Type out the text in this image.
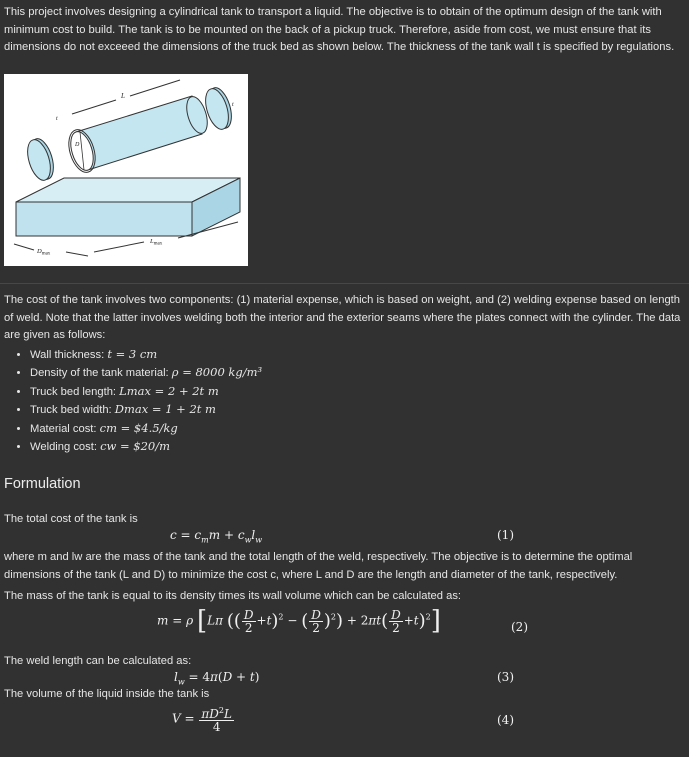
This project involves designing a cylindrical tank to transport a liquid. The objective is to obtain of the optimum design of the tank with minimum cost to build. The tank is to be mounted on the back of a pickup truck. Therefore, aside from cost, we must ensure that its dimensions do not exceeed the dimensions of the truck bed as shown below. The thickness of the tank wall t is specified by regulations.
L
t
t
D
$D_{max}$
$L_{max}$
The cost of the tank involves two components: (1) material expense, which is based on weight, and (2) welding expense based on length of weld. Note that the latter involves welding both the interior and the exterior seams where the plates connect with the cylinder. The data are given as follows:
• Wall thickness: t = 3 cm
• Density of the tank material: ρ = 8000 kg/m³
• Truck bed length: Lmax = 2 + 2t m
• Truck bed width: Dmax = 1 + 2t m
• Material cost: cm = $4.5/kg
• Welding cost: cw = $20/m
Formulation
The total cost of the tank is
$c = c_mm + c_wl_w$	(1)
where m and lw are the mass of the tank and the total length of the weld, respectively. The objective is to determine the optimal dimensions of the tank (L and D) to minimize the cost c, where L and D are the length and diameter of the tank, respectively.
The mass of the tank is equal to its density times its wall volume which can be calculated as:
m = ρ [Lπ (( $\frac{D}{2} +t)^2$ − ( $\frac{D}{2} )^2) + 2\pi t( \frac{D}{2} +t)^2$]	(2)
The weld length can be calculated as:
$l_w = 4\pi(D + t)$	(3)
The volume of the liquid inside the tank is
$V = \frac{\pi D^2L}{4}$	(4)
